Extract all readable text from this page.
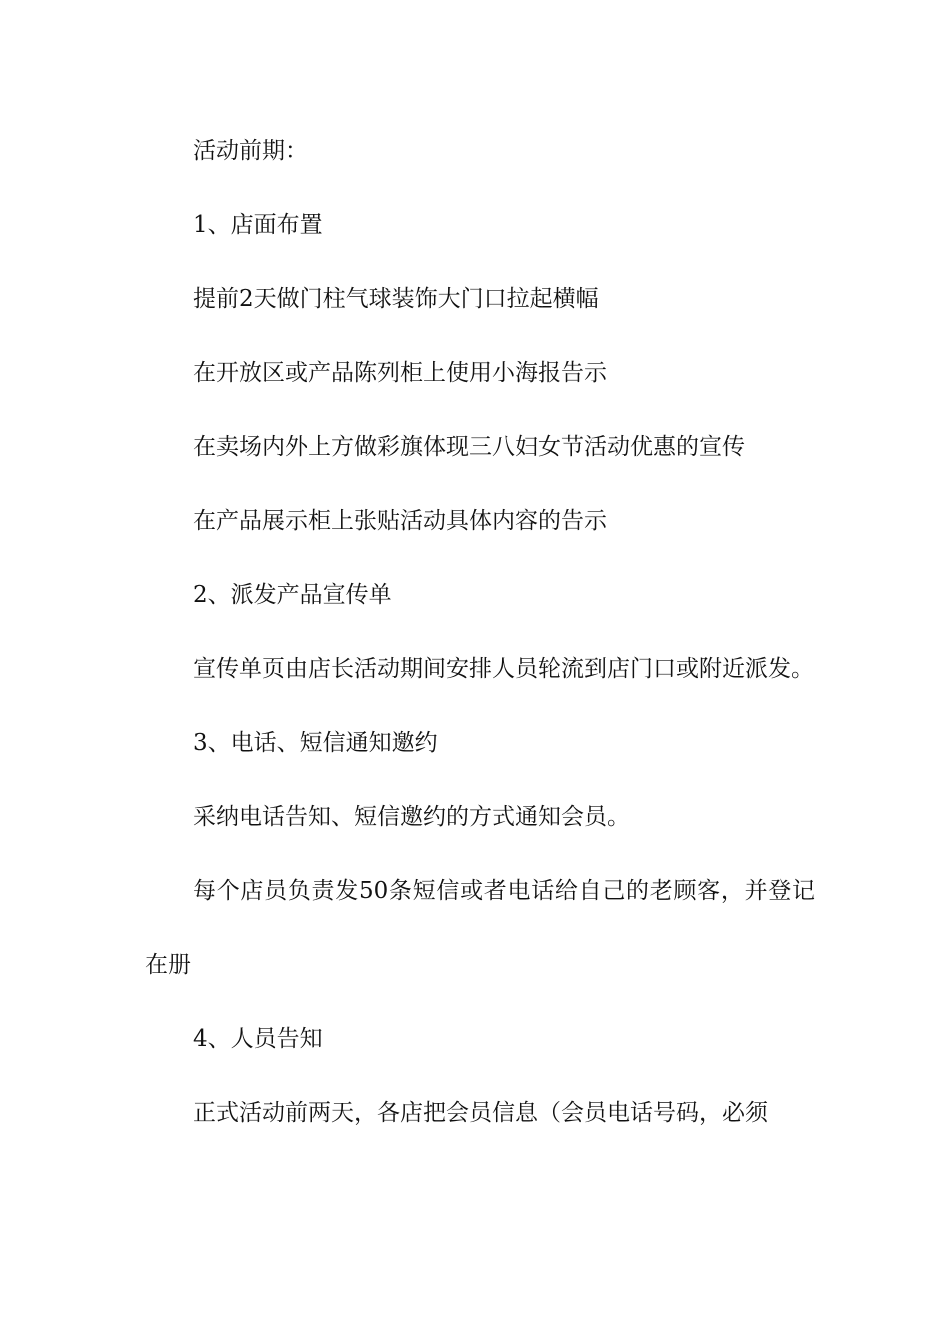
活动前期：

1、店面布置

提前2天做门柱气球装饰大门口拉起横幅

在开放区或产品陈列柜上使用小海报告示

在卖场内外上方做彩旗体现三八妇女节活动优惠的宣传

在产品展示柜上张贴活动具体内容的告示

2、派发产品宣传单

宣传单页由店长活动期间安排人员轮流到店门口或附近派发。

3、电话、短信通知邀约

采纳电话告知、短信邀约的方式通知会员。

每个店员负责发50条短信或者电话给自己的老顾客，并登记在册

4、人员告知

正式活动前两天，各店把会员信息（会员电话号码，必须
